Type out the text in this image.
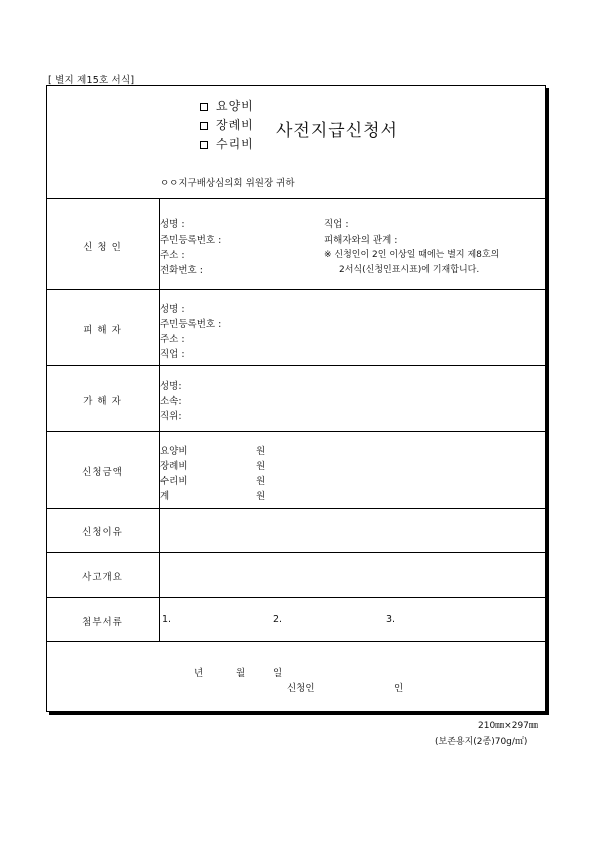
[ 별지 제15호 서식]
요양비
장례비
수리비
사전지급신청서
ㅇㅇ지구배상심의회 위원장 귀하
신 청 인
성명 :
주민등록번호 :
주소 :
전화번호 :
직업 :
피해자와의 관계 :
※ 신청인이 2인 이상일 때에는 별지 제8호의
2서식(신청인표시표)에 기재합니다.
피 해 자
성명 :
주민등록번호 :
주소 :
직업 :
가 해 자
성명:
소속:
직위:
신청금액
요양비	원
장례비	원
수리비	원
계	원
신청이유
사고개요
첨부서류	1.	2.	3.
년	월	일
신청인	인
210㎜×297㎜
(보존용지(2종)70g/㎡)
